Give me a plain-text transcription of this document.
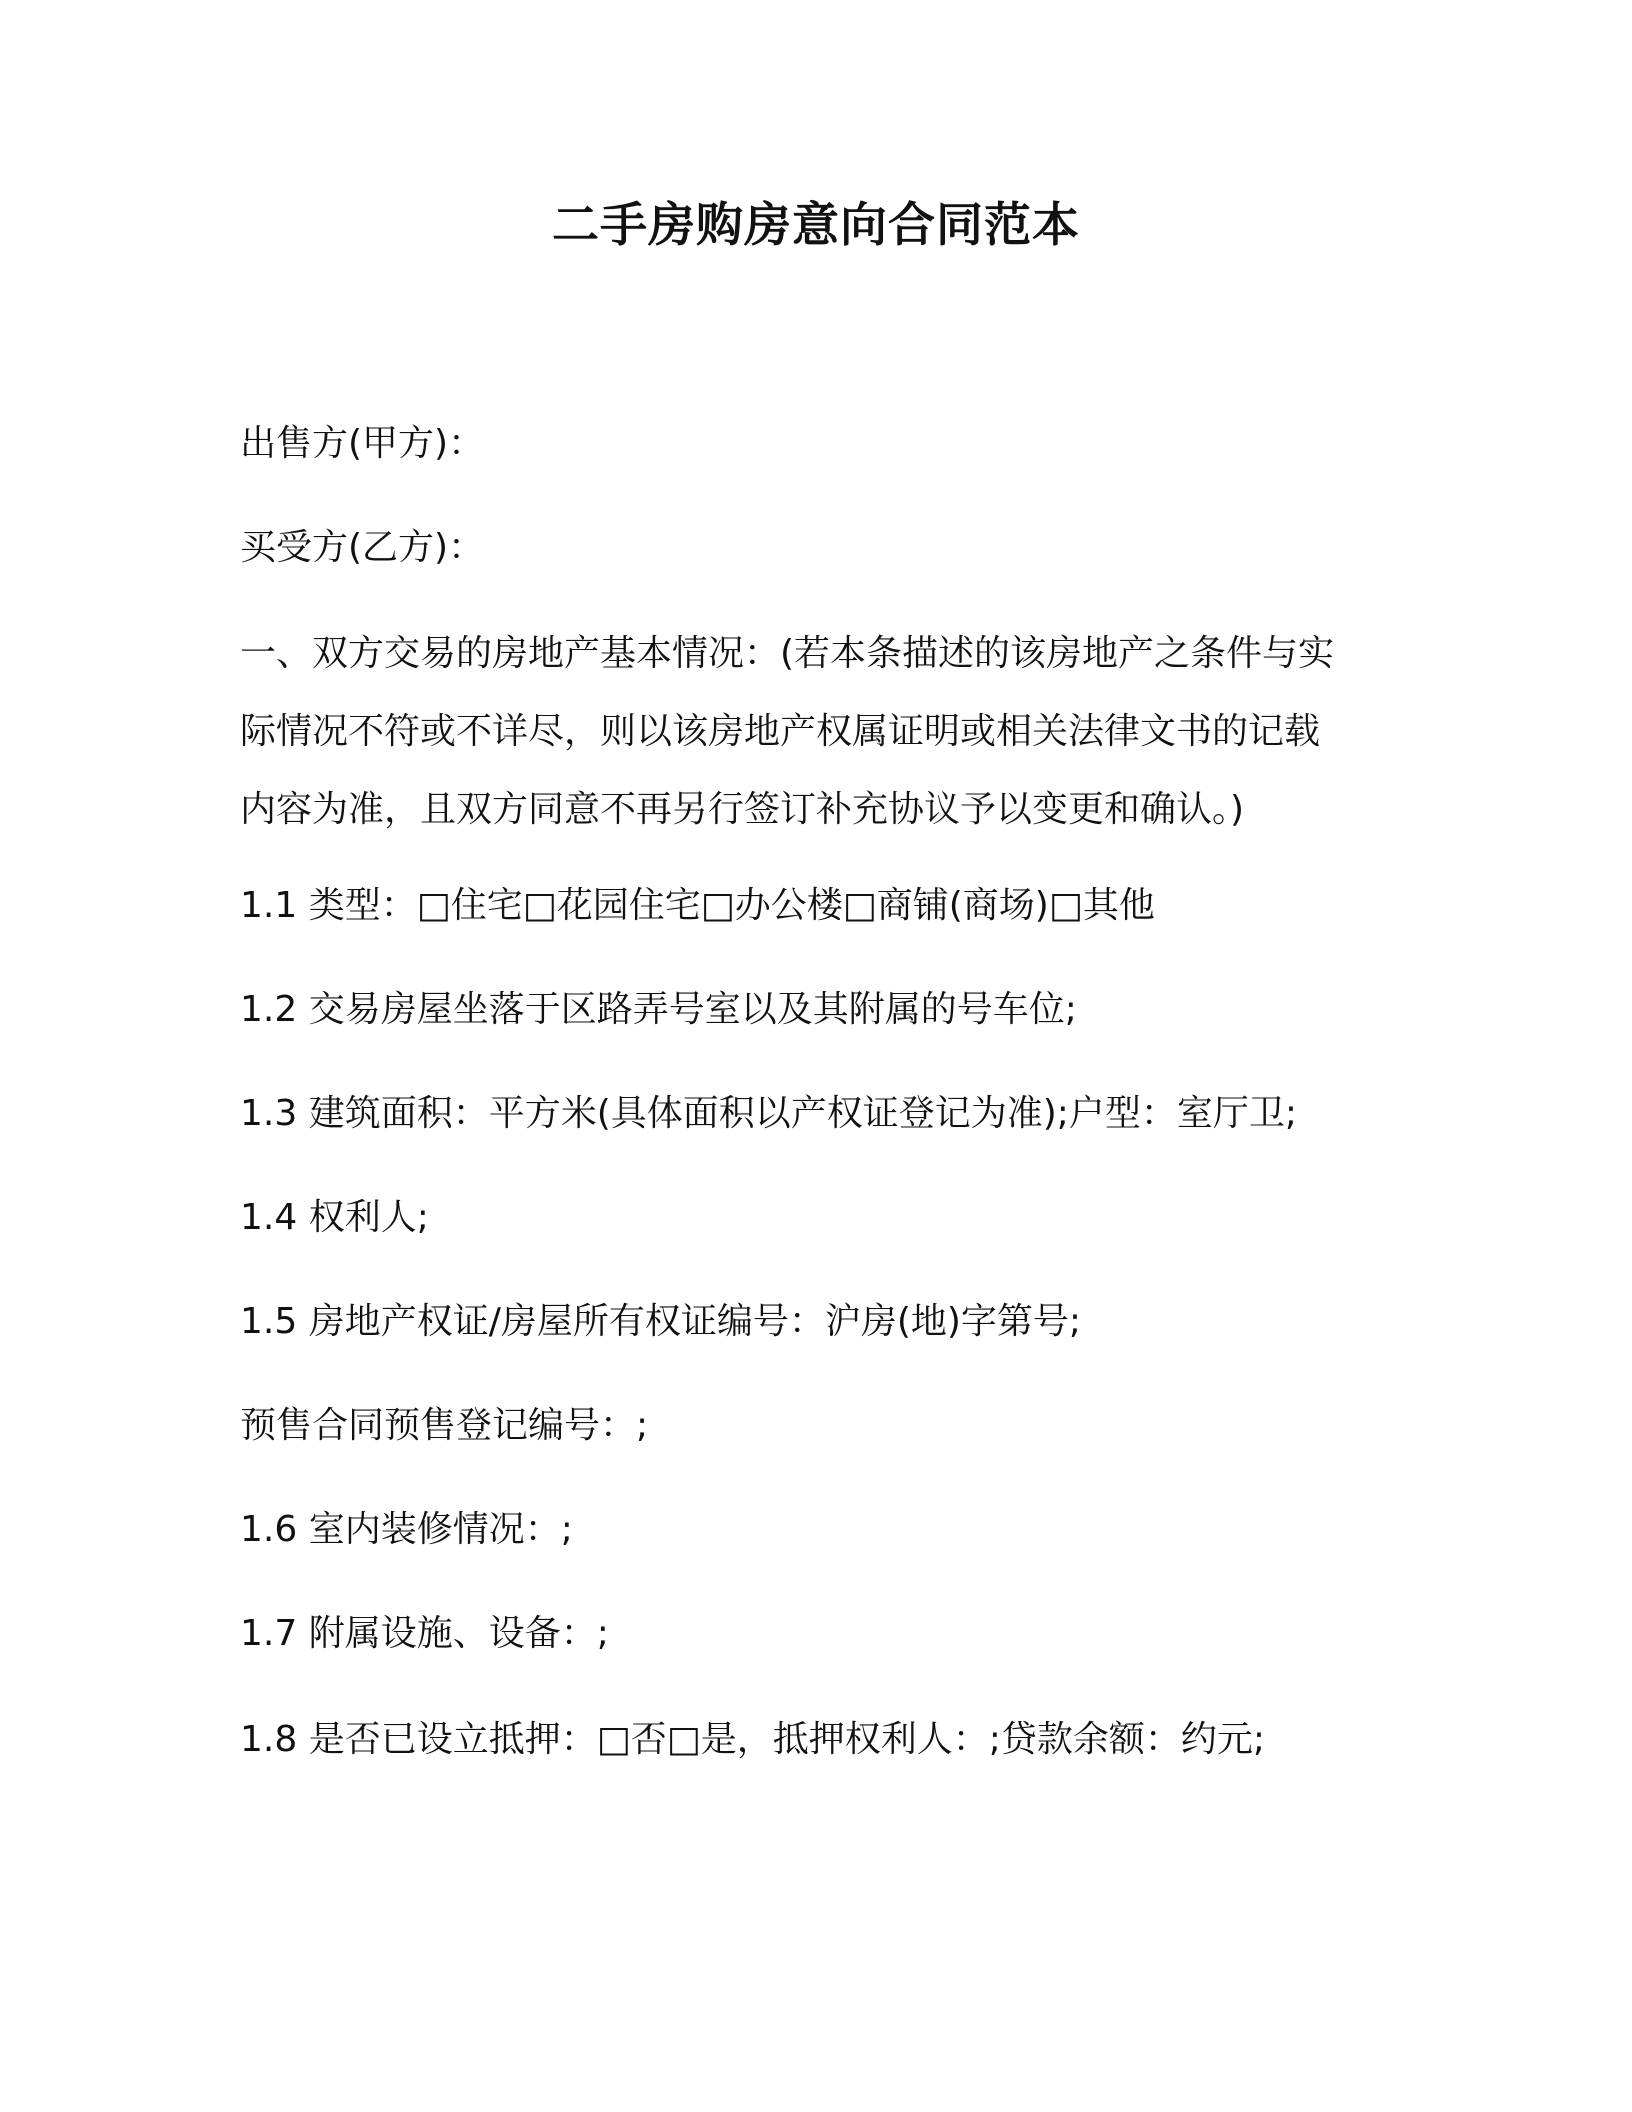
二手房购房意向合同范本
出售方(甲方)：
买受方(乙方)：
一、双方交易的房地产基本情况：(若本条描述的该房地产之条件与实
际情况不符或不详尽，则以该房地产权属证明或相关法律文书的记载
内容为准，且双方同意不再另行签订补充协议予以变更和确认。)
1.1 类型：□住宅□花园住宅□办公楼□商铺(商场)□其他
1.2 交易房屋坐落于区路弄号室以及其附属的号车位;
1.3 建筑面积：平方米(具体面积以产权证登记为准);户型：室厅卫;
1.4 权利人;
1.5 房地产权证/房屋所有权证编号：沪房(地)字第号;
预售合同预售登记编号：;
1.6 室内装修情况：;
1.7 附属设施、设备：;
1.8 是否已设立抵押：□否□是，抵押权利人：;贷款余额：约元;
